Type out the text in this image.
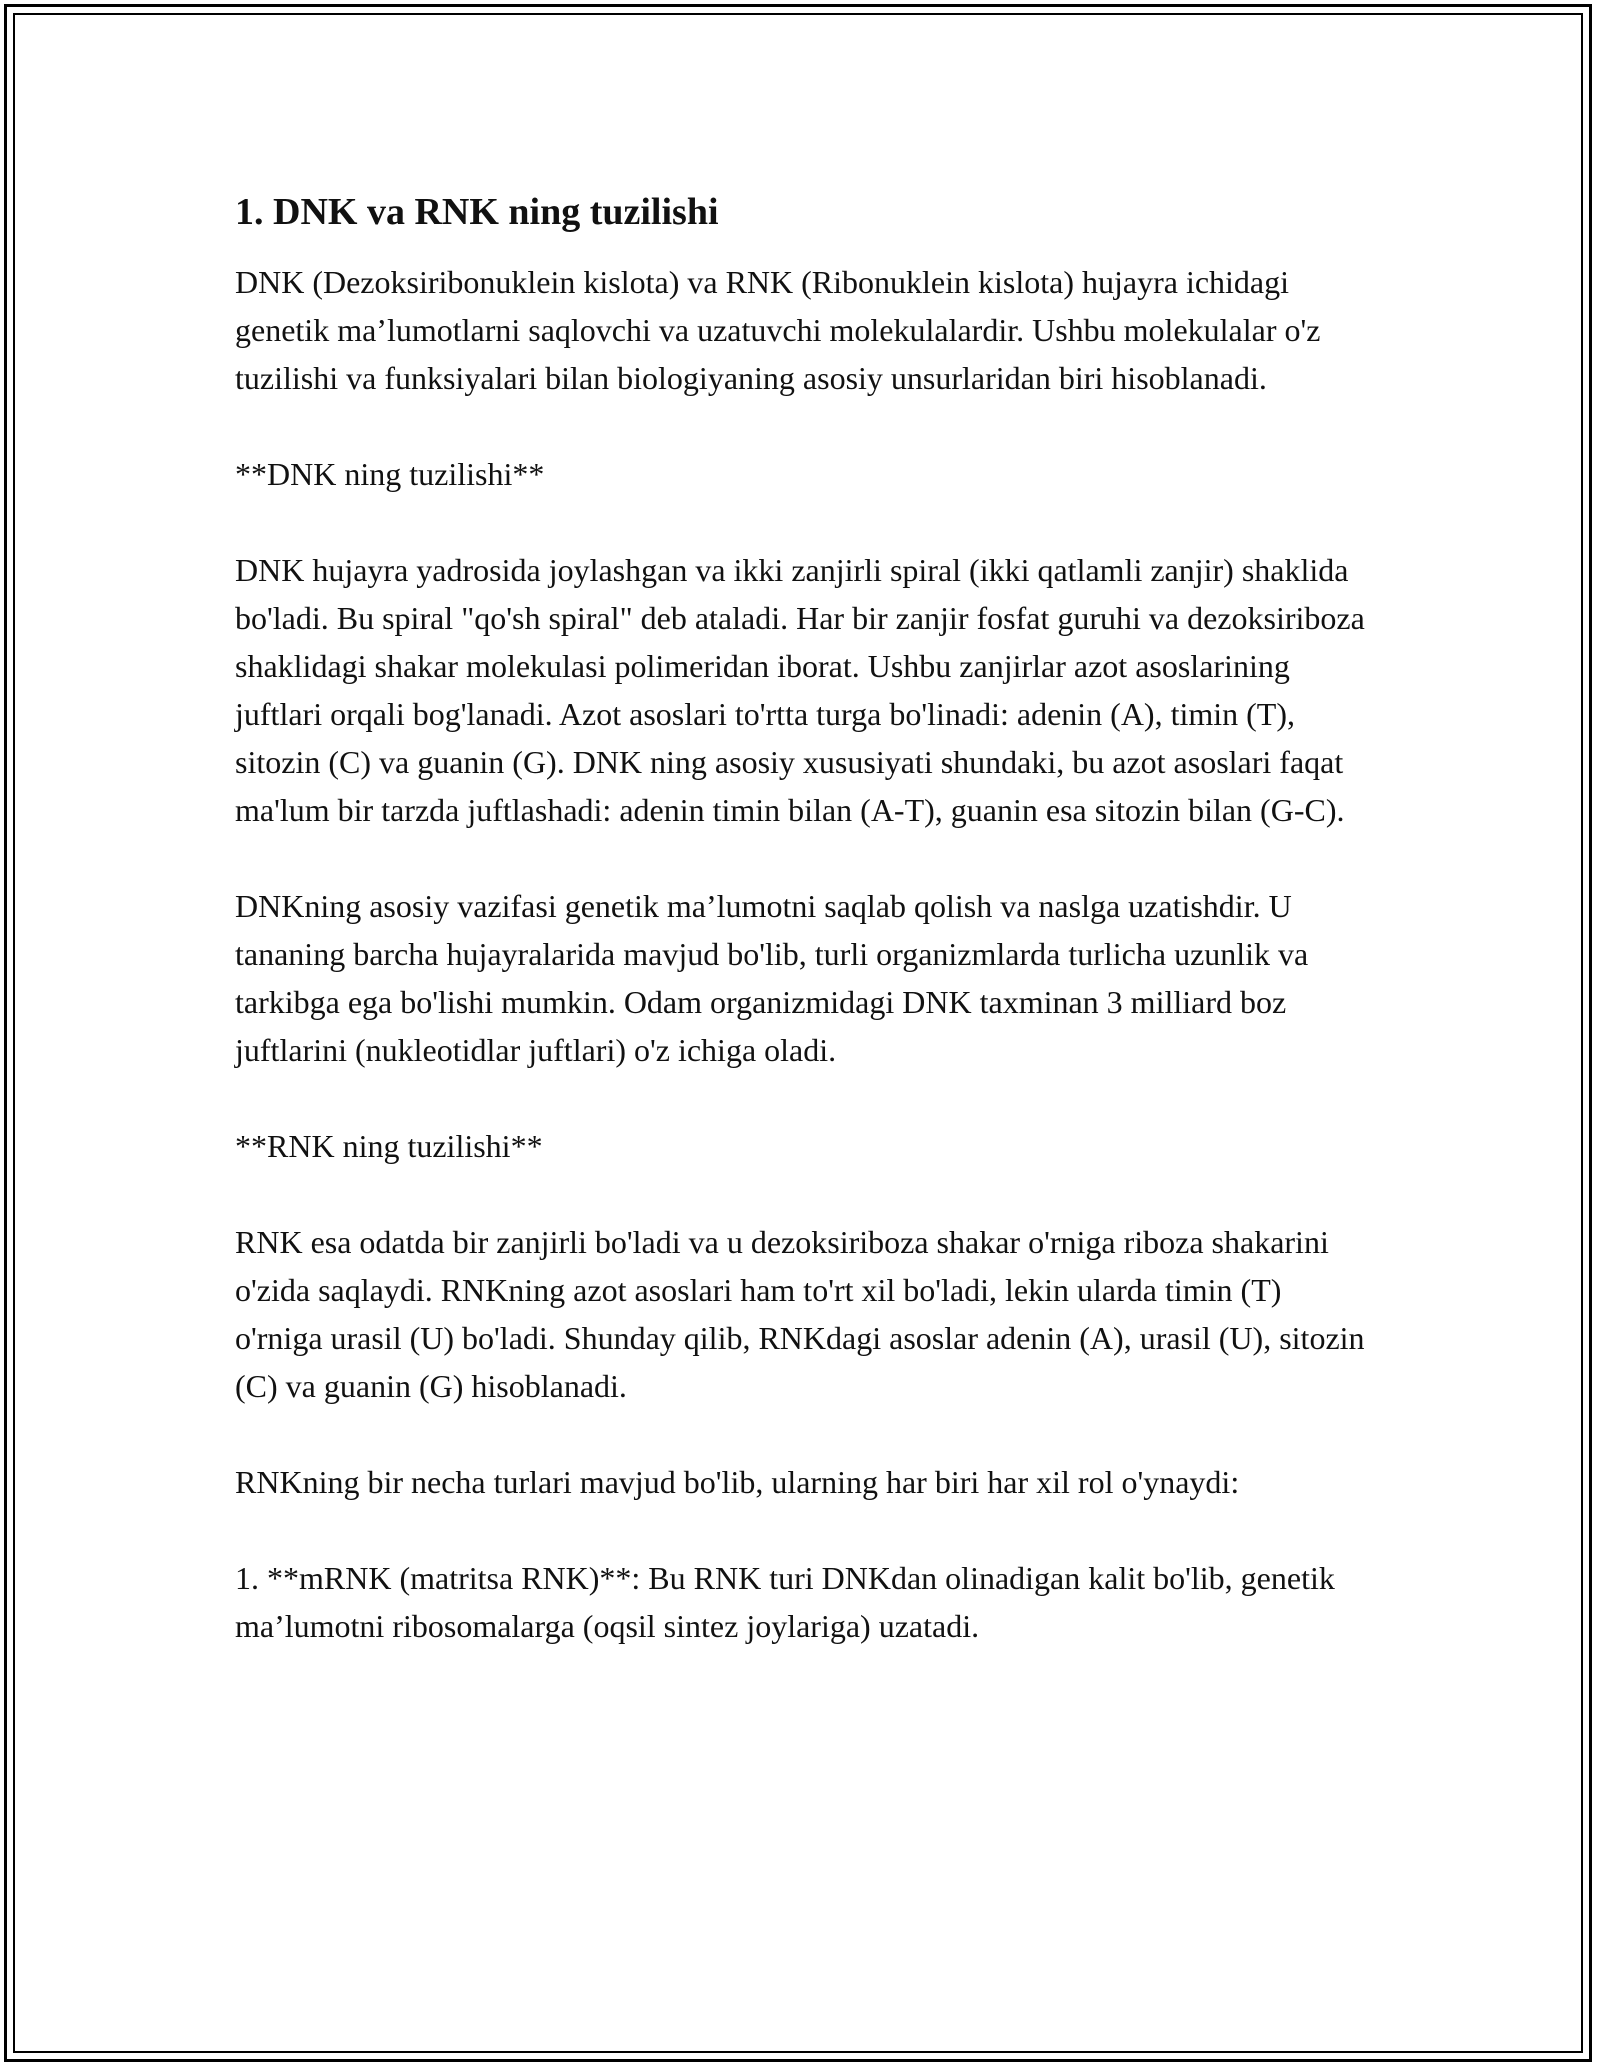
1. DNK va RNK ning tuzilishi

DNK (Dezoksiribonuklein kislota) va RNK (Ribonuklein kislota) hujayra ichidagi genetik ma’lumotlarni saqlovchi va uzatuvchi molekulalardir. Ushbu molekulalar o'z tuzilishi va funksiyalari bilan biologiyaning asosiy unsurlaridan biri hisoblanadi.

**DNK ning tuzilishi**

DNK hujayra yadrosida joylashgan va ikki zanjirli spiral (ikki qatlamli zanjir) shaklida bo'ladi. Bu spiral "qo'sh spiral" deb ataladi. Har bir zanjir fosfat guruhi va dezoksiriboza shaklidagi shakar molekulasi polimeridan iborat. Ushbu zanjirlar azot asoslarining juftlari orqali bog'lanadi. Azot asoslari to'rtta turga bo'linadi: adenin (A), timin (T), sitozin (C) va guanin (G). DNK ning asosiy xususiyati shundaki, bu azot asoslari faqat ma'lum bir tarzda juftlashadi: adenin timin bilan (A-T), guanin esa sitozin bilan (G-C).

DNKning asosiy vazifasi genetik ma’lumotni saqlab qolish va naslga uzatishdir. U tananing barcha hujayralarida mavjud bo'lib, turli organizmlarda turlicha uzunlik va tarkibga ega bo'lishi mumkin. Odam organizmidagi DNK taxminan 3 milliard boz juftlarini (nukleotidlar juftlari) o'z ichiga oladi.

**RNK ning tuzilishi**

RNK esa odatda bir zanjirli bo'ladi va u dezoksiriboza shakar o'rniga riboza shakarini o'zida saqlaydi. RNKning azot asoslari ham to'rt xil bo'ladi, lekin ularda timin (T) o'rniga urasil (U) bo'ladi. Shunday qilib, RNKdagi asoslar adenin (A), urasil (U), sitozin (C) va guanin (G) hisoblanadi.

RNKning bir necha turlari mavjud bo'lib, ularning har biri har xil rol o'ynaydi:

1. **mRNK (matritsa RNK)**: Bu RNK turi DNKdan olinadigan kalit bo'lib, genetik ma’lumotni ribosomalarga (oqsil sintez joylariga) uzatadi.
